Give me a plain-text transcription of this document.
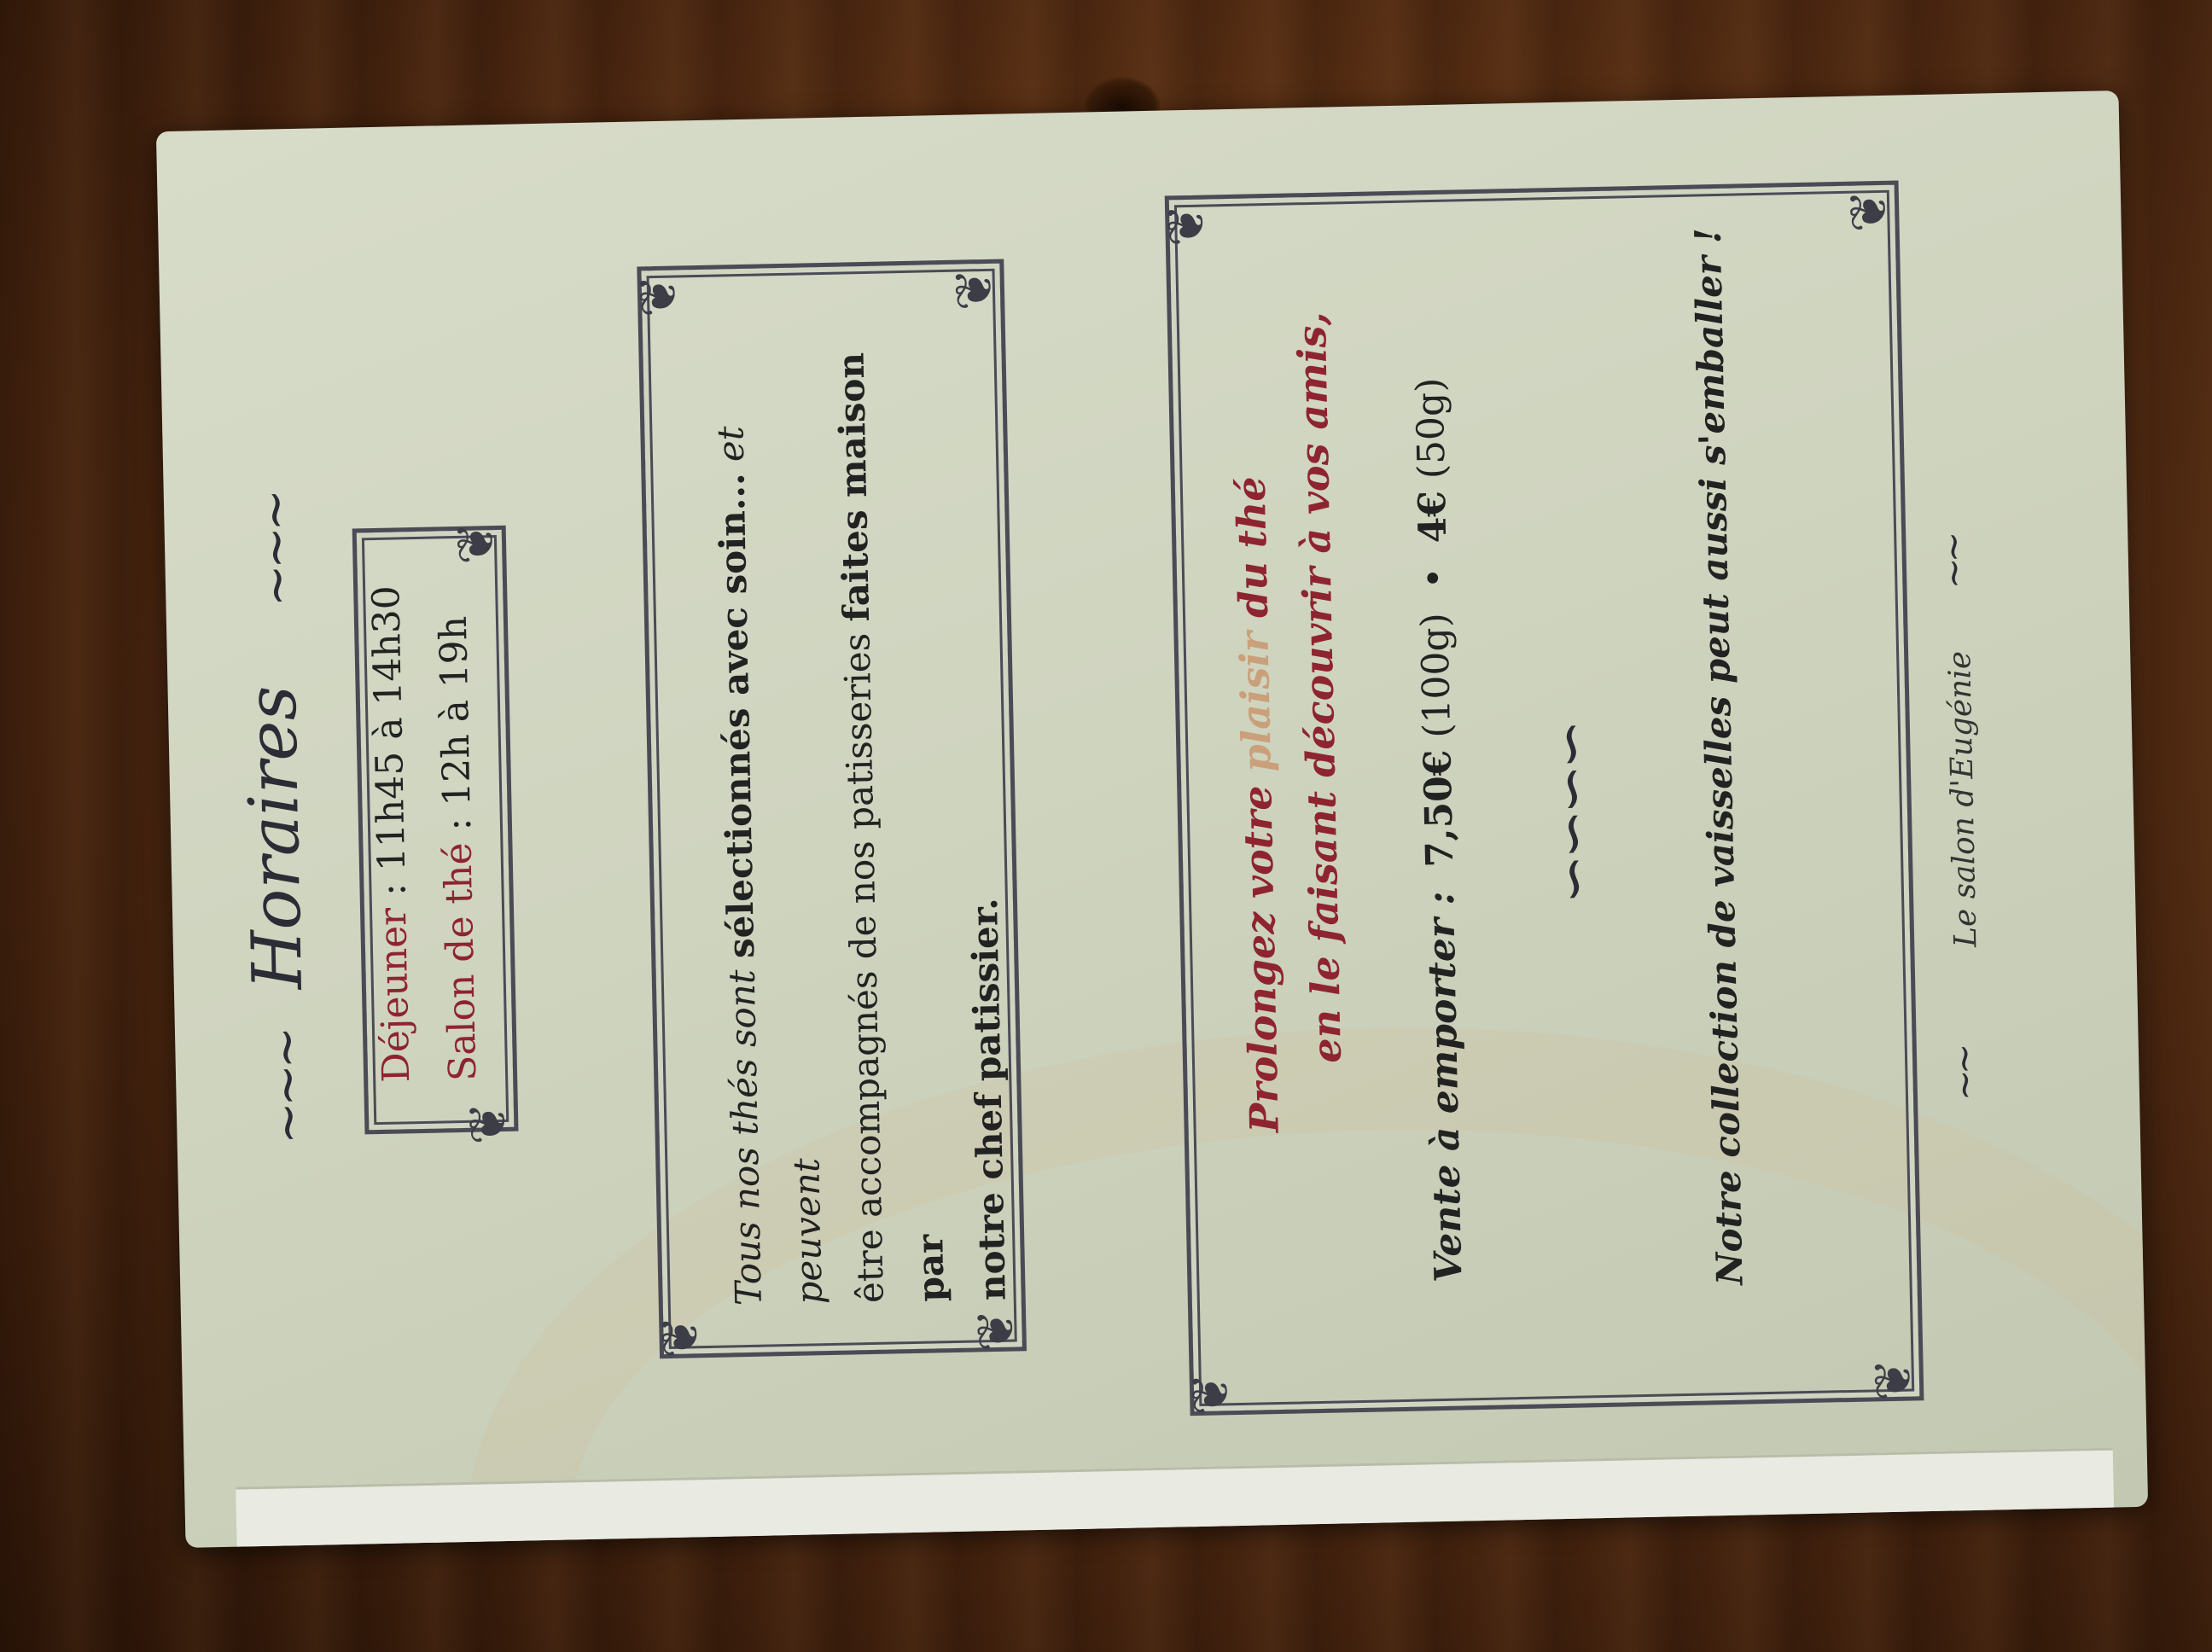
~~~
Horaires
~~~
❦
❦
Déjeuner : 11h45 à 14h30
Salon de thé : 12h à 19h
❦
❦
❦
❦
Tous nos thés sont sélectionnés avec soin... et peuvent être accompagnés de nos patisseries faites maison par notre chef patissier.
❦
❦
❦
❦
Prolongez votre plaisir du thé en le faisant découvrir à vos amis,
Vente à emporter :  7,50€ (100g)  •  4€ (50g)
∽∽∽∽ Notre collection de vaisselles peut aussi s'emballer !	~~
Le salon d'Eugénie
~~
